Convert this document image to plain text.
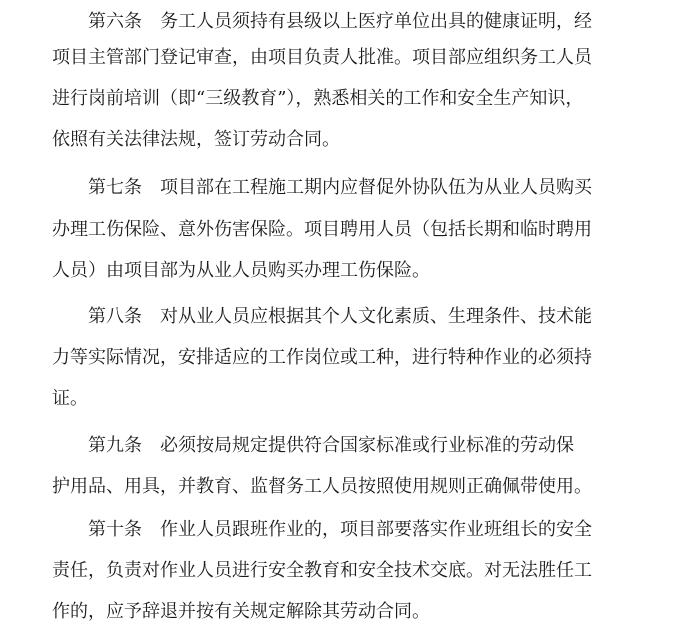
第六条　务工人员须持有县级以上医疗单位出具的健康证明，经
项目主管部门登记审查，由项目负责人批准。项目部应组织务工人员
进行岗前培训（即“三级教育”），熟悉相关的工作和安全生产知识，
依照有关法律法规，签订劳动合同。
第七条　项目部在工程施工期内应督促外协队伍为从业人员购买
办理工伤保险、意外伤害保险。项目聘用人员（包括长期和临时聘用
人员）由项目部为从业人员购买办理工伤保险。
第八条　对从业人员应根据其个人文化素质、生理条件、技术能
力等实际情况，安排适应的工作岗位或工种，进行特种作业的必须持
证。
第九条　必须按局规定提供符合国家标准或行业标准的劳动保
护用品、用具，并教育、监督务工人员按照使用规则正确佩带使用。
第十条　作业人员跟班作业的，项目部要落实作业班组长的安全
责任，负责对作业人员进行安全教育和安全技术交底。对无法胜任工
作的，应予辞退并按有关规定解除其劳动合同。
